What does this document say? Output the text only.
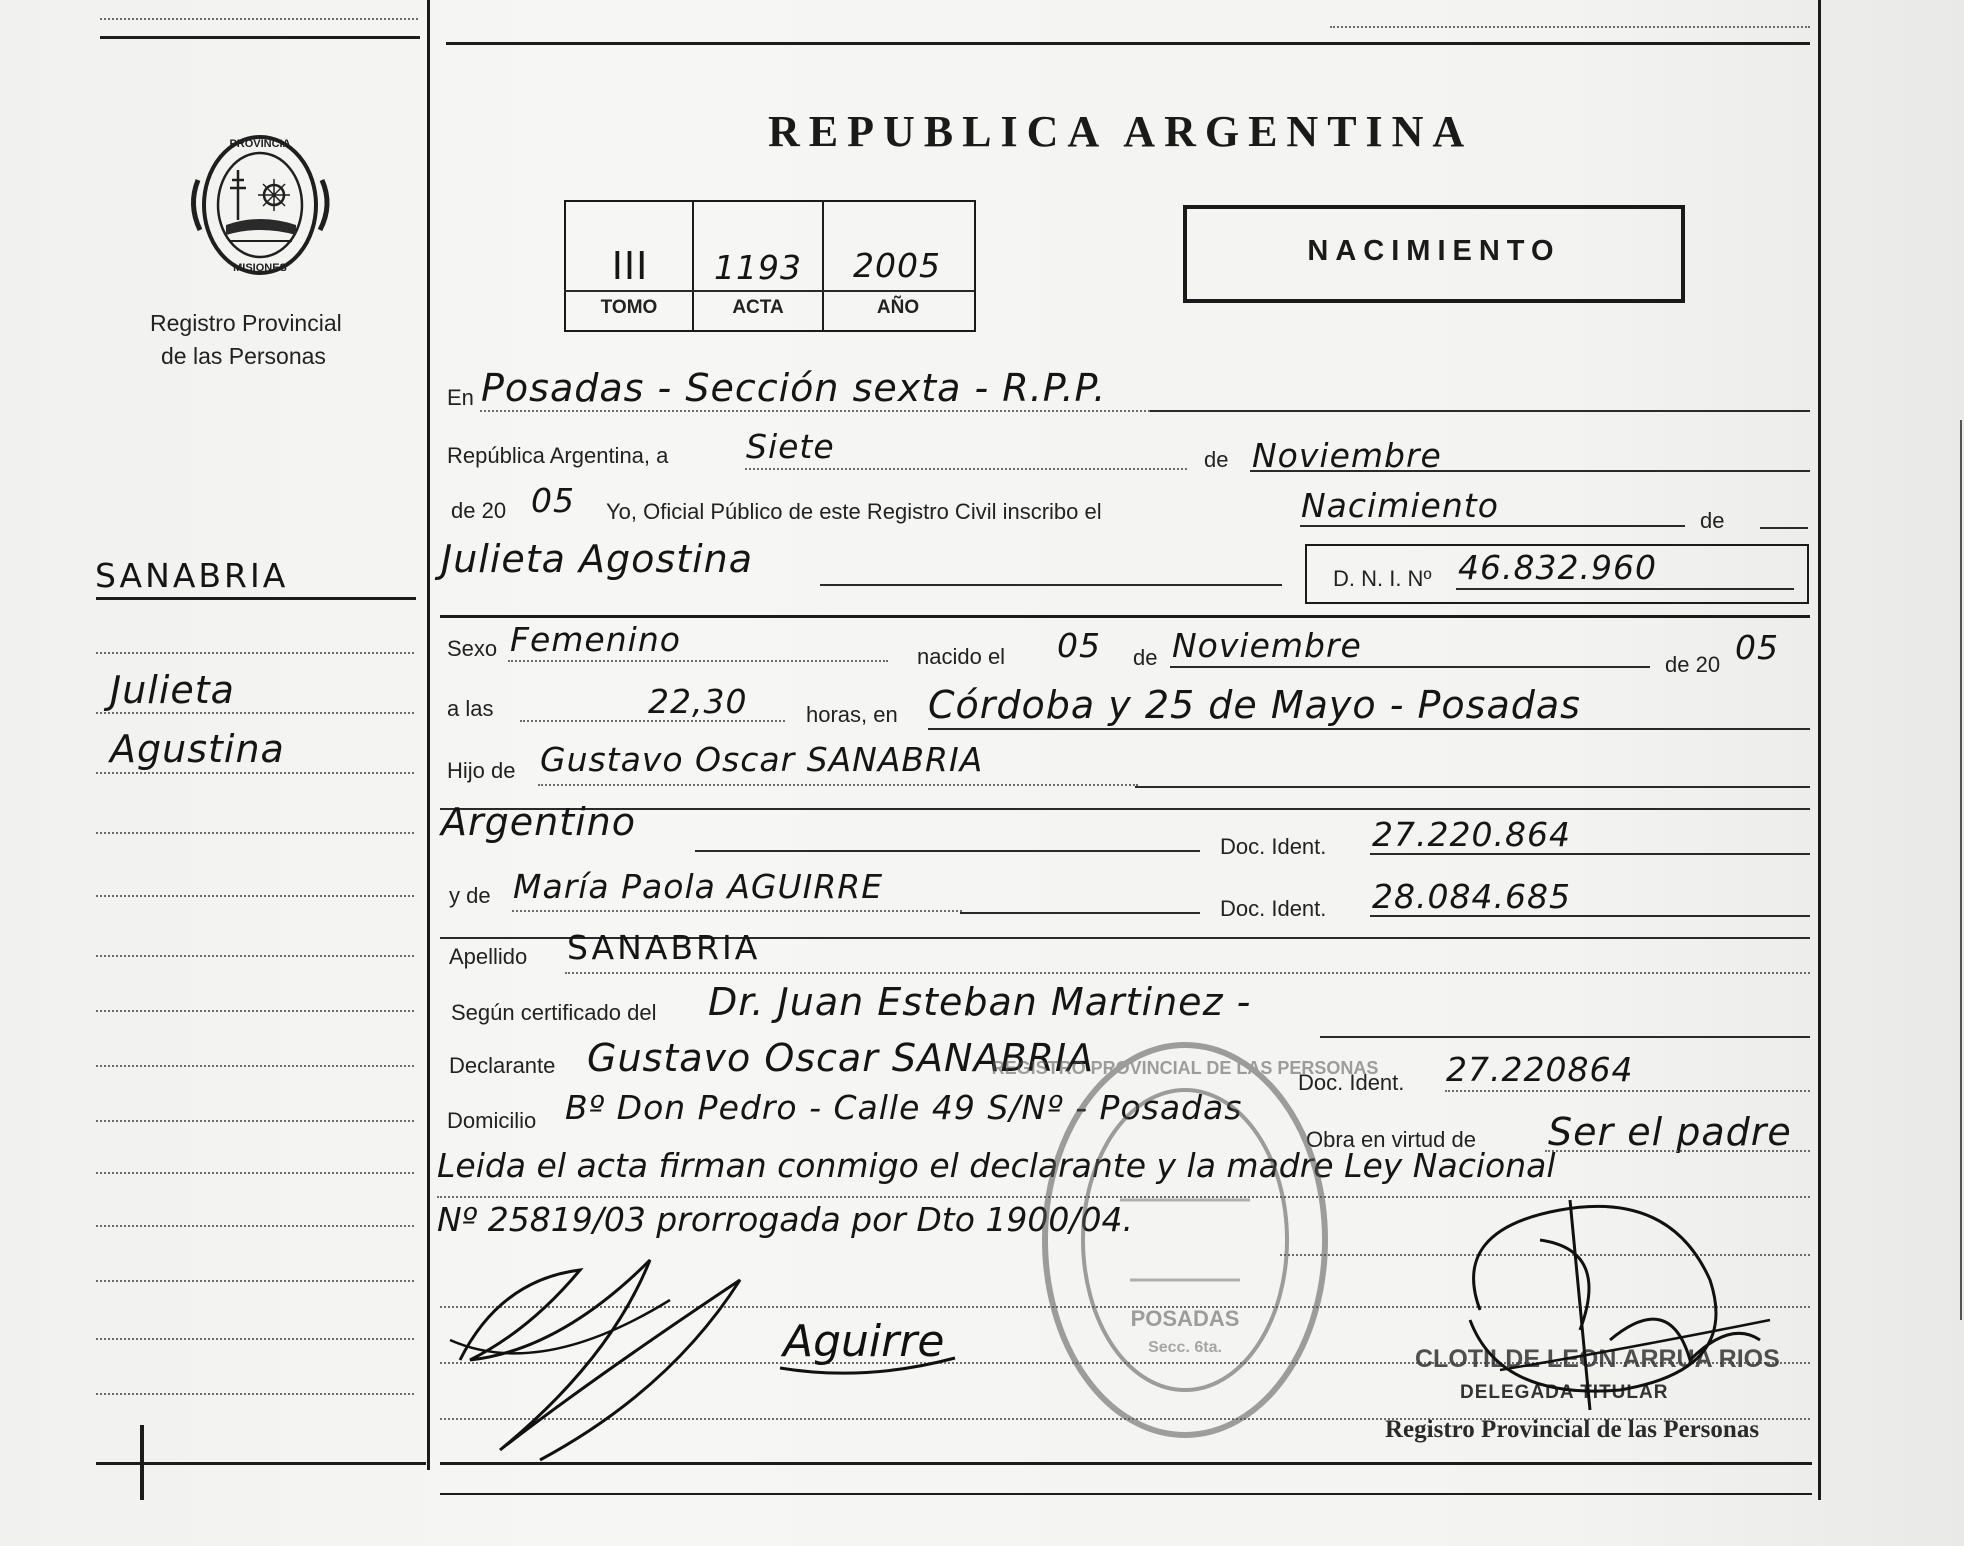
PROVINCIA
MISIONES
Registro Provincial
de las Personas
SANABRIA
Julieta
Agustina
REPUBLICA ARGENTINA
III	1193	2005
TOMO	ACTA	AÑO
NACIMIENTO
En Posadas - Sección sexta - R.P.P.
República Argentina, a Siete	de Noviembre
de 20 05 Yo, Oficial Público de este Registro Civil inscribo el	Nacimiento	de
Julieta Agostina	D. N. I. Nº 46.832.960
Sexo Femenino	nacido el 05 de Noviembre	de 20 05
a las	22,30	horas, en Córdoba y 25 de Mayo - Posadas
Hijo de Gustavo Oscar SANABRIA
Argentino
Doc. Ident. 27.220.864
y de María Paola AGUIRRE
Doc. Ident. 28.084.685
Apellido SANABRIA
Según certificado del Dr. Juan Esteban Martinez -
Declarante Gustavo Oscar SANABRIA
Doc. Ident. 27.220864
Domicilio Bº Don Pedro - Calle 49 S/Nº - Posadas
Obra en virtud de Ser el padre
Leida el acta firman conmigo el declarante y la madre Ley Nacional
Nº 25819/03 prorrogada por Dto 1900/04.
POSADAS
Secc. 6ta.
REGISTRO PROVINCIAL DE LAS PERSONAS
CLOTILDE LEON ARRUA RIOS
DELEGADA TITULAR
Registro Provincial de las Personas
Aguirre
